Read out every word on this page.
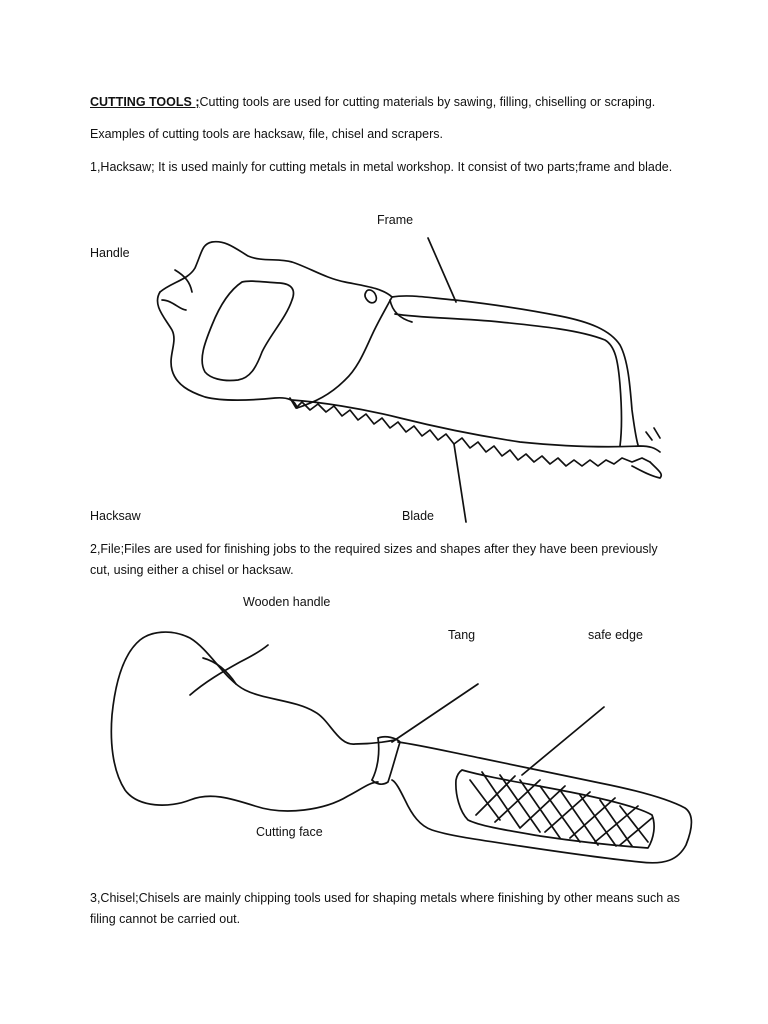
CUTTING TOOLS ;Cutting tools are used for cutting materials by sawing, filling, chiselling or scraping.
Examples of cutting tools are hacksaw, file, chisel and scrapers.
1,Hacksaw; It is used mainly for cutting metals in metal workshop. It consist of two parts;frame and blade.
Frame
Handle
Hacksaw	Blade
2,File;Files are used for finishing jobs to the required sizes and shapes after they have been previously cut, using either a chisel or hacksaw.
Wooden handle
Tang	safe edge
Cutting face
3,Chisel;Chisels are mainly chipping tools used for shaping metals where finishing by other means such as filing cannot be carried out.
